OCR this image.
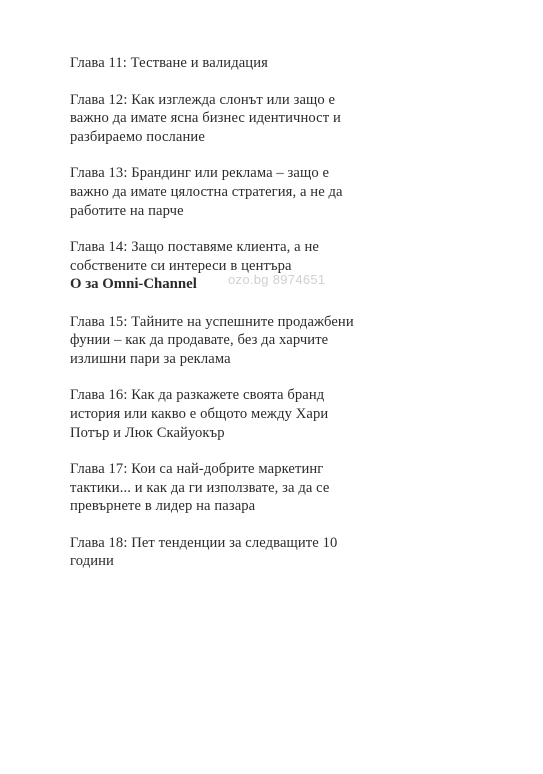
Глава 11: Тестване и валидация
Глава 12: Как изглежда слонът или защо е
важно да имате ясна бизнес идентичност и
разбираемо послание
Глава 13: Брандинг или реклама – защо е
важно да имате цялостна стратегия, а не да
работите на парче
Глава 14: Защо поставяме клиента, а не
собствените си интереси в центъра
О за Omni-Channel
Глава 15: Тайните на успешните продажбени
фунии – как да продавате, без да харчите
излишни пари за реклама
Глава 16: Как да разкажете своята бранд
история или какво е общото между Хари
Потър и Люк Скайуокър
Глава 17: Кои са най-добрите маркетинг
тактики... и как да ги използвате, за да се
превърнете в лидер на пазара
Глава 18: Пет тенденции за следващите 10
години
ozo.bg 8974651
